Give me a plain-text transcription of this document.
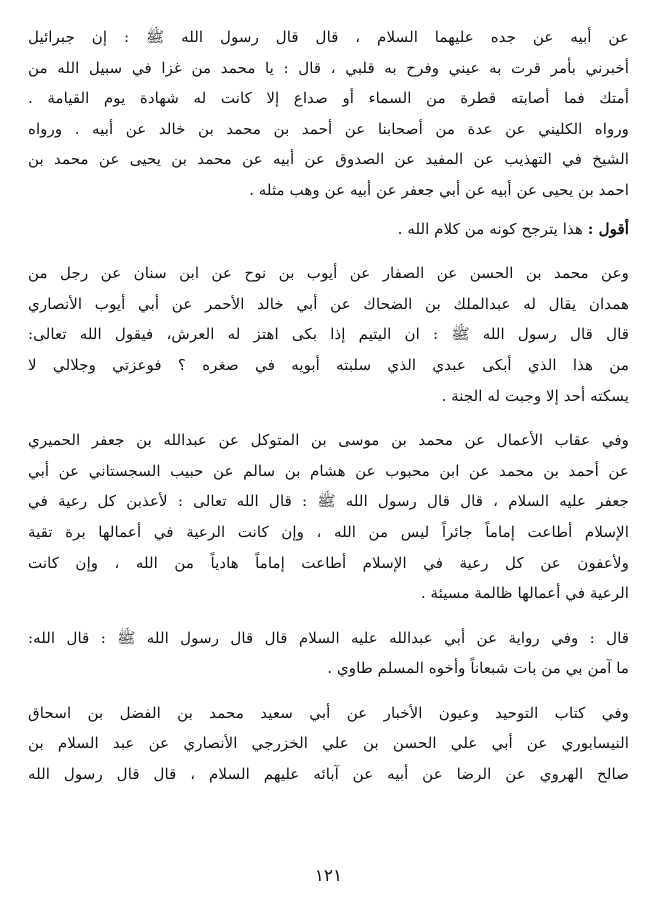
عن أبيه عن جده عليهما السلام ، قال قال رسول الله ﷺ : إن جبرائيل
أخبرني بأمر قرت به عيني وفرح به قلبي ، قال : يا محمد من غزا في سبيل الله من
أمتك فما أصابته قطرة من السماء أو صداع إلا كانت له شهادة يوم القيامة .
ورواه الكليني عن عدة من أصحابنا عن أحمد بن محمد بن خالد عن أبيه . ورواه
الشيخ في التهذيب عن المفيد عن الصدوق عن أبيه عن محمد بن يحيى عن محمد بن
احمد بن يحيى عن أبيه عن أبي جعفر عن أبيه عن وهب مثله .

أقول : هذا يترجح كونه من كلام الله .

وعن محمد بن الحسن عن الصفار عن أيوب بن نوح عن ابن سنان عن رجل من
همدان يقال له عبدالملك بن الضحاك عن أبي خالد الأحمر عن أبي أيوب الأنصاري
قال قال رسول الله ﷺ : ان اليتيم إذا بكى اهتز له العرش، فيقول الله تعالى:
من هذا الذي أبكى عبدي الذي سلبته أبويه في صغره ؟ فوعزتي وجلالي لا
يسكته أحد إلا وجبت له الجنة .

وفي عقاب الأعمال عن محمد بن موسى بن المتوكل عن عبدالله بن جعفر الحميري
عن أحمد بن محمد عن ابن محبوب عن هشام بن سالم عن حبيب السجستاني عن أبي
جعفر عليه السلام ، قال قال رسول الله ﷺ : قال الله تعالى : لأعذبن كل رعية في
الإسلام أطاعت إماماً جائراً ليس من الله ، وإن كانت الرعية في أعمالها برة تقية
ولأعفون عن كل رعية في الإسلام أطاعت إماماً هادياً من الله ، وإن كانت
الرعية في أعمالها ظالمة مسيئة .

قال : وفي رواية عن أبي عبدالله عليه السلام قال قال رسول الله ﷺ : قال الله:
ما آمن بي من بات شبعاناً وأخوه المسلم طاوي .

وفي كتاب التوحيد وعيون الأخبار عن أبي سعيد محمد بن الفضل بن اسحاق
النيسابوري عن أبي علي الحسن بن علي الخزرجي الأنصاري عن عبد السلام بن
صالح الهروي عن الرضا عن أبيه عن آبائه عليهم السلام ، قال قال رسول الله

١٢١
